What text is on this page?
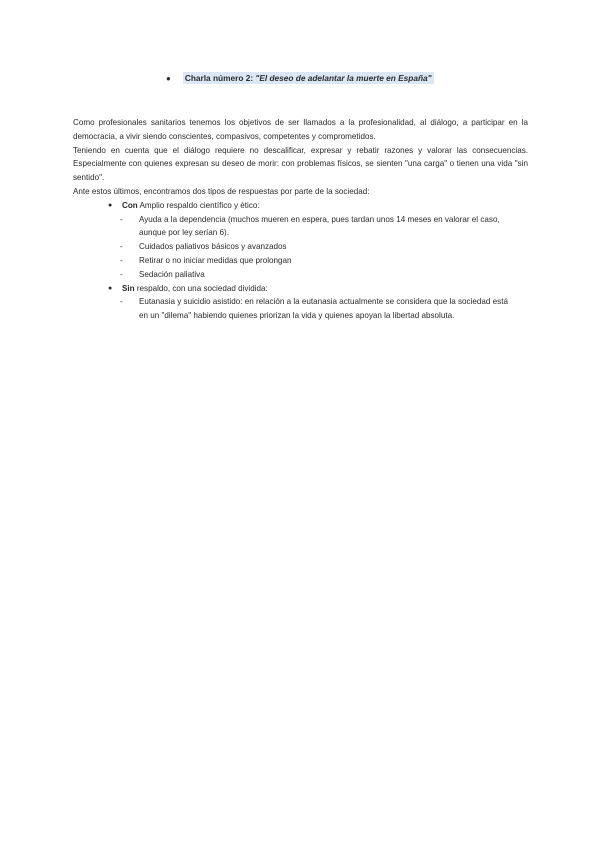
● Charla número 2: "El deseo de adelantar la muerte en España"

Como profesionales sanitarios tenemos los objetivos de ser llamados a la profesionalidad, al diálogo, a participar en la democracia, a vivir siendo conscientes, compasivos, competentes y comprometidos.

Teniendo en cuenta que el diálogo requiere no descalificar, expresar y rebatir razones y valorar las consecuencias. Especialmente con quienes expresan su deseo de morir: con problemas físicos, se sienten "una carga" o tienen una vida "sin sentido".

Ante estos últimos, encontramos dos tipos de respuestas por parte de la sociedad:

● Con Amplio respaldo científico y ético:
- Ayuda a la dependencia (muchos mueren en espera, pues tardan unos 14 meses en valorar el caso, aunque por ley serían 6).
- Cuidados paliativos básicos y avanzados
- Retirar o no iniciar medidas que prolongan
- Sedación paliativa
● Sin respaldo, con una sociedad dividida:
- Eutanasia y suicidio asistido: en relación a la eutanasia actualmente se considera que la sociedad está en un "dilema" habiendo quienes priorizan la vida y quienes apoyan la libertad absoluta.
